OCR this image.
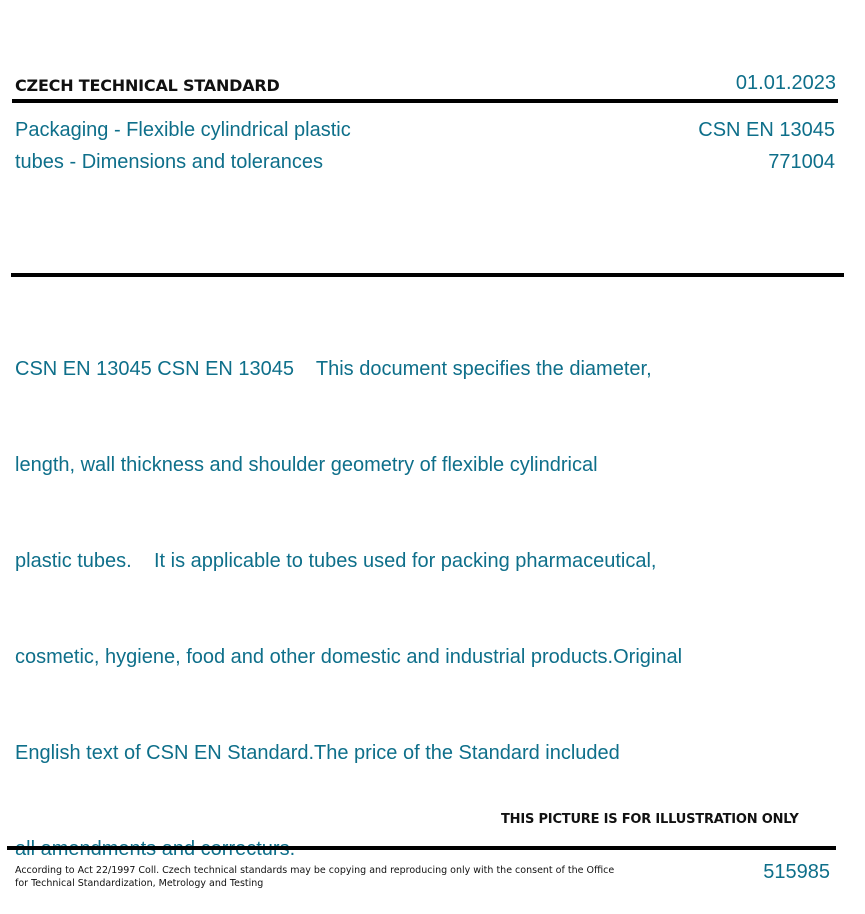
CZECH TECHNICAL STANDARD	01.01.2023
Packaging - Flexible cylindrical plastic
tubes - Dimensions and tolerances
CSN EN 13045
771004

CSN EN 13045 CSN EN 13045    This document specifies the diameter,

length, wall thickness and shoulder geometry of flexible cylindrical

plastic tubes.    It is applicable to tubes used for packing pharmaceutical,

cosmetic, hygiene, food and other domestic and industrial products.Original

English text of CSN EN Standard.The price of the Standard included

THIS PICTURE IS FOR ILLUSTRATION ONLY
According to Act 22/1997 Coll. Czech technical standards may be copying and reproducing only with the consent of the Office
for Technical Standardization, Metrology and Testing
515985
